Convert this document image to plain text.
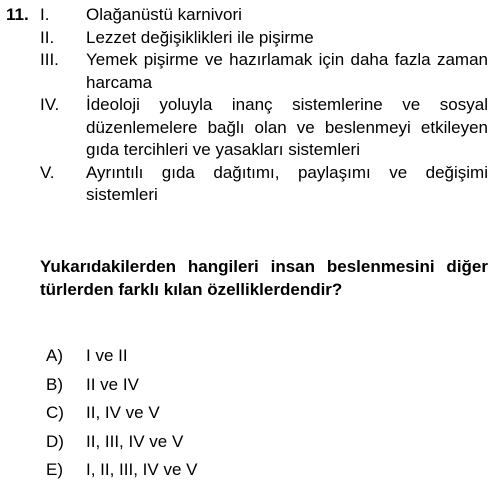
11. I.	Olağanüstü karnivori
II.	Lezzet değişiklikleri ile pişirme
III.	Yemek pişirme ve hazırlamak için daha fazla zaman harcama
IV.	İdeoloji yoluyla inanç sistemlerine ve sosyal düzenlemelere bağlı olan ve beslenmeyi etkileyen gıda tercihleri ve yasakları sistemleri
V.	Ayrıntılı gıda dağıtımı, paylaşımı ve değişimi sistemleri
Yukarıdakilerden hangileri insan beslenmesini diğer türlerden farklı kılan özelliklerdendir?
A)	I ve II
B)	II ve IV
C)	II, IV ve V
D)	II, III, IV ve V
E)	I, II, III, IV ve V
